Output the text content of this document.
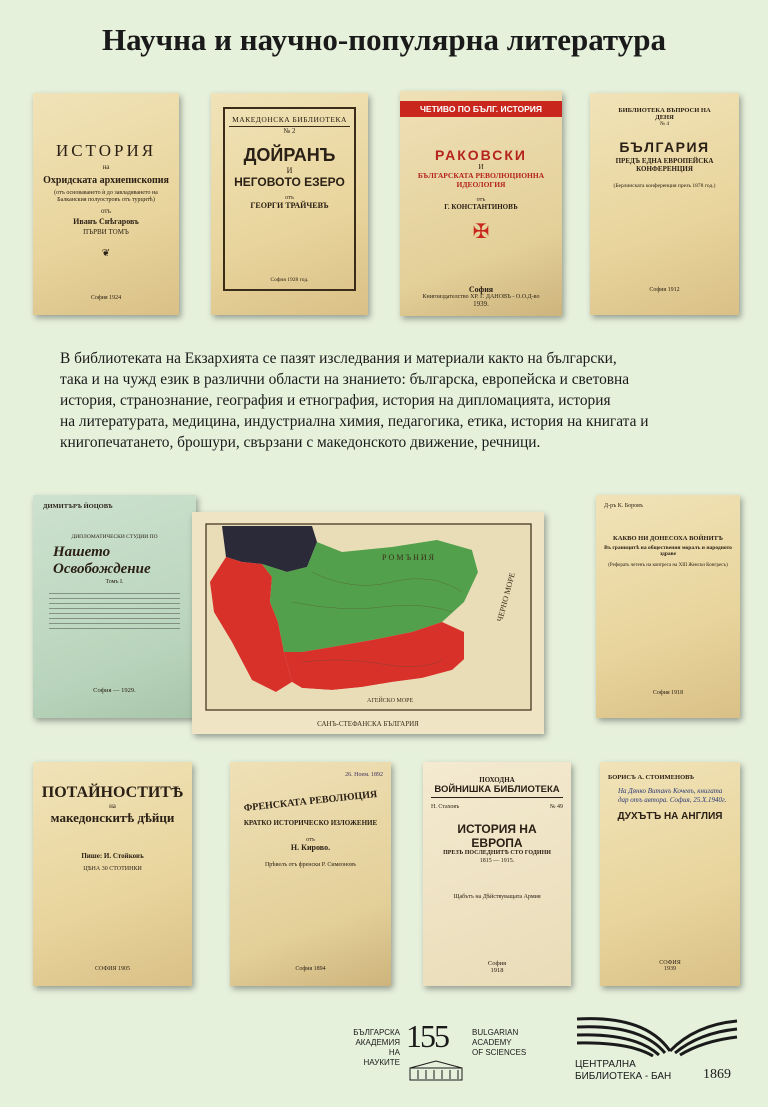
Научна и научно-популярна литература
ИСТОРИЯ
на
Охридската архиепископия
(отъ основаването ѝ до завладяването на Балканския полуостровъ отъ турцитѣ)
отъ
Иванъ Снѣгаровъ
ПЪРВИ ТОМЪ
❦
София 1924
МАКЕДОНСКА БИБЛИОТЕКА
№ 2
ДОЙРАНЪ
И
НЕГОВОТО ЕЗЕРО
отъ
ГЕОРГИ ТРАЙЧЕВЪ
София 1928 год.
ЧЕТИВО ПО БЪЛГ. ИСТОРИЯ
РАКОВСКИ
И
БЪЛГАРСКАТА РЕВОЛЮЦИОННА ИДЕОЛОГИЯ
отъ
Г. КОНСТАНТИНОВЪ
✠
София
Книгоиздателство ХР. Г. ДАНОВЪ - О.О.Д-во
1939.
БИБЛИОТЕКА ВЪПРОСИ НА ДЕНЯ
№ 4
БЪЛГАРИЯ
ПРЕДЪ ЕДНА ЕВРОПЕЙСКА КОНФЕРЕНЦИЯ
(Берлинската конференция презъ 1878 год.)
София 1912
В библиотеката на Екзархията се пазят изследвания и материали както на български,
така и на чужд език в различни области на знанието: българска, европейска и световна
история, странознание, география и етнография, история на дипломацията, история
на литературата, медицина, индустриална химия, педагогика, етика, история на книгата и
книгопечатането, брошури, свързани с македонското движение, речници.
ДИМИТЪРЪ ЙОЦОВЪ
ДИПЛОМАТИЧЕСКИ СТУДИИ ПО
Нашето Освобождение
Томъ I.
София — 1929.
РОМЪНИЯ
ЧЕРНО МОРЕ
АГЕЙСКО МОРЕ
САНЪ-СТЕФАНСКА БЪЛГАРИЯ
Д-ръ К. Боровъ
КАКВО НИ ДОНЕСОХА ВОЙНИТЪ
Въ границитѣ на обществения моралъ и народното здраве
(Реферать четенъ на конгреса на XIII Женски Конгресъ)
София 1918
ПОТАЙНОСТИТѢ
на
македонскитѣ дѣйци
Пишe: И. Стойковъ
ЦѢНА 30 СТОТИНКИ
СОФИЯ 1905
26. Ноем. 1892
ФРЕНСКАТА РЕВОЛЮЦИЯ
КРАТКО ИСТОРИЧЕСКО ИЗЛОЖЕНИЕ
отъ
Н. Кирово.
Прѣвелъ отъ френски Р. Симеоновъ
София 1894
ПОХОДНА
ВОЙНИШКА БИБЛИОТЕКА
Н. Стаховъ	№ 49
ИСТОРИЯ НА ЕВРОПА
ПРЕЗЪ ПОСЛЕДНИТѢ СТО ГОДИНИ
1815 — 1915.
Щабътъ на Дѣйствуващата Армия
София
1918
БОРИСЪ А. СТОИМЕНОВЪ
На Дянко Витанъ Кочевъ, книгата дар отъ автора. София, 25.X.1940г.
ДУХЪТЪ НА АНГЛИЯ
СОФИЯ
1939
БЪЛГАРСКА
АКАДЕМИЯ
НА НАУКИТЕ
155	BULGARIAN
ACADEMY
OF SCIENCES
ЦЕНТРАЛНА
БИБЛИОТЕКА - БАН 1869
